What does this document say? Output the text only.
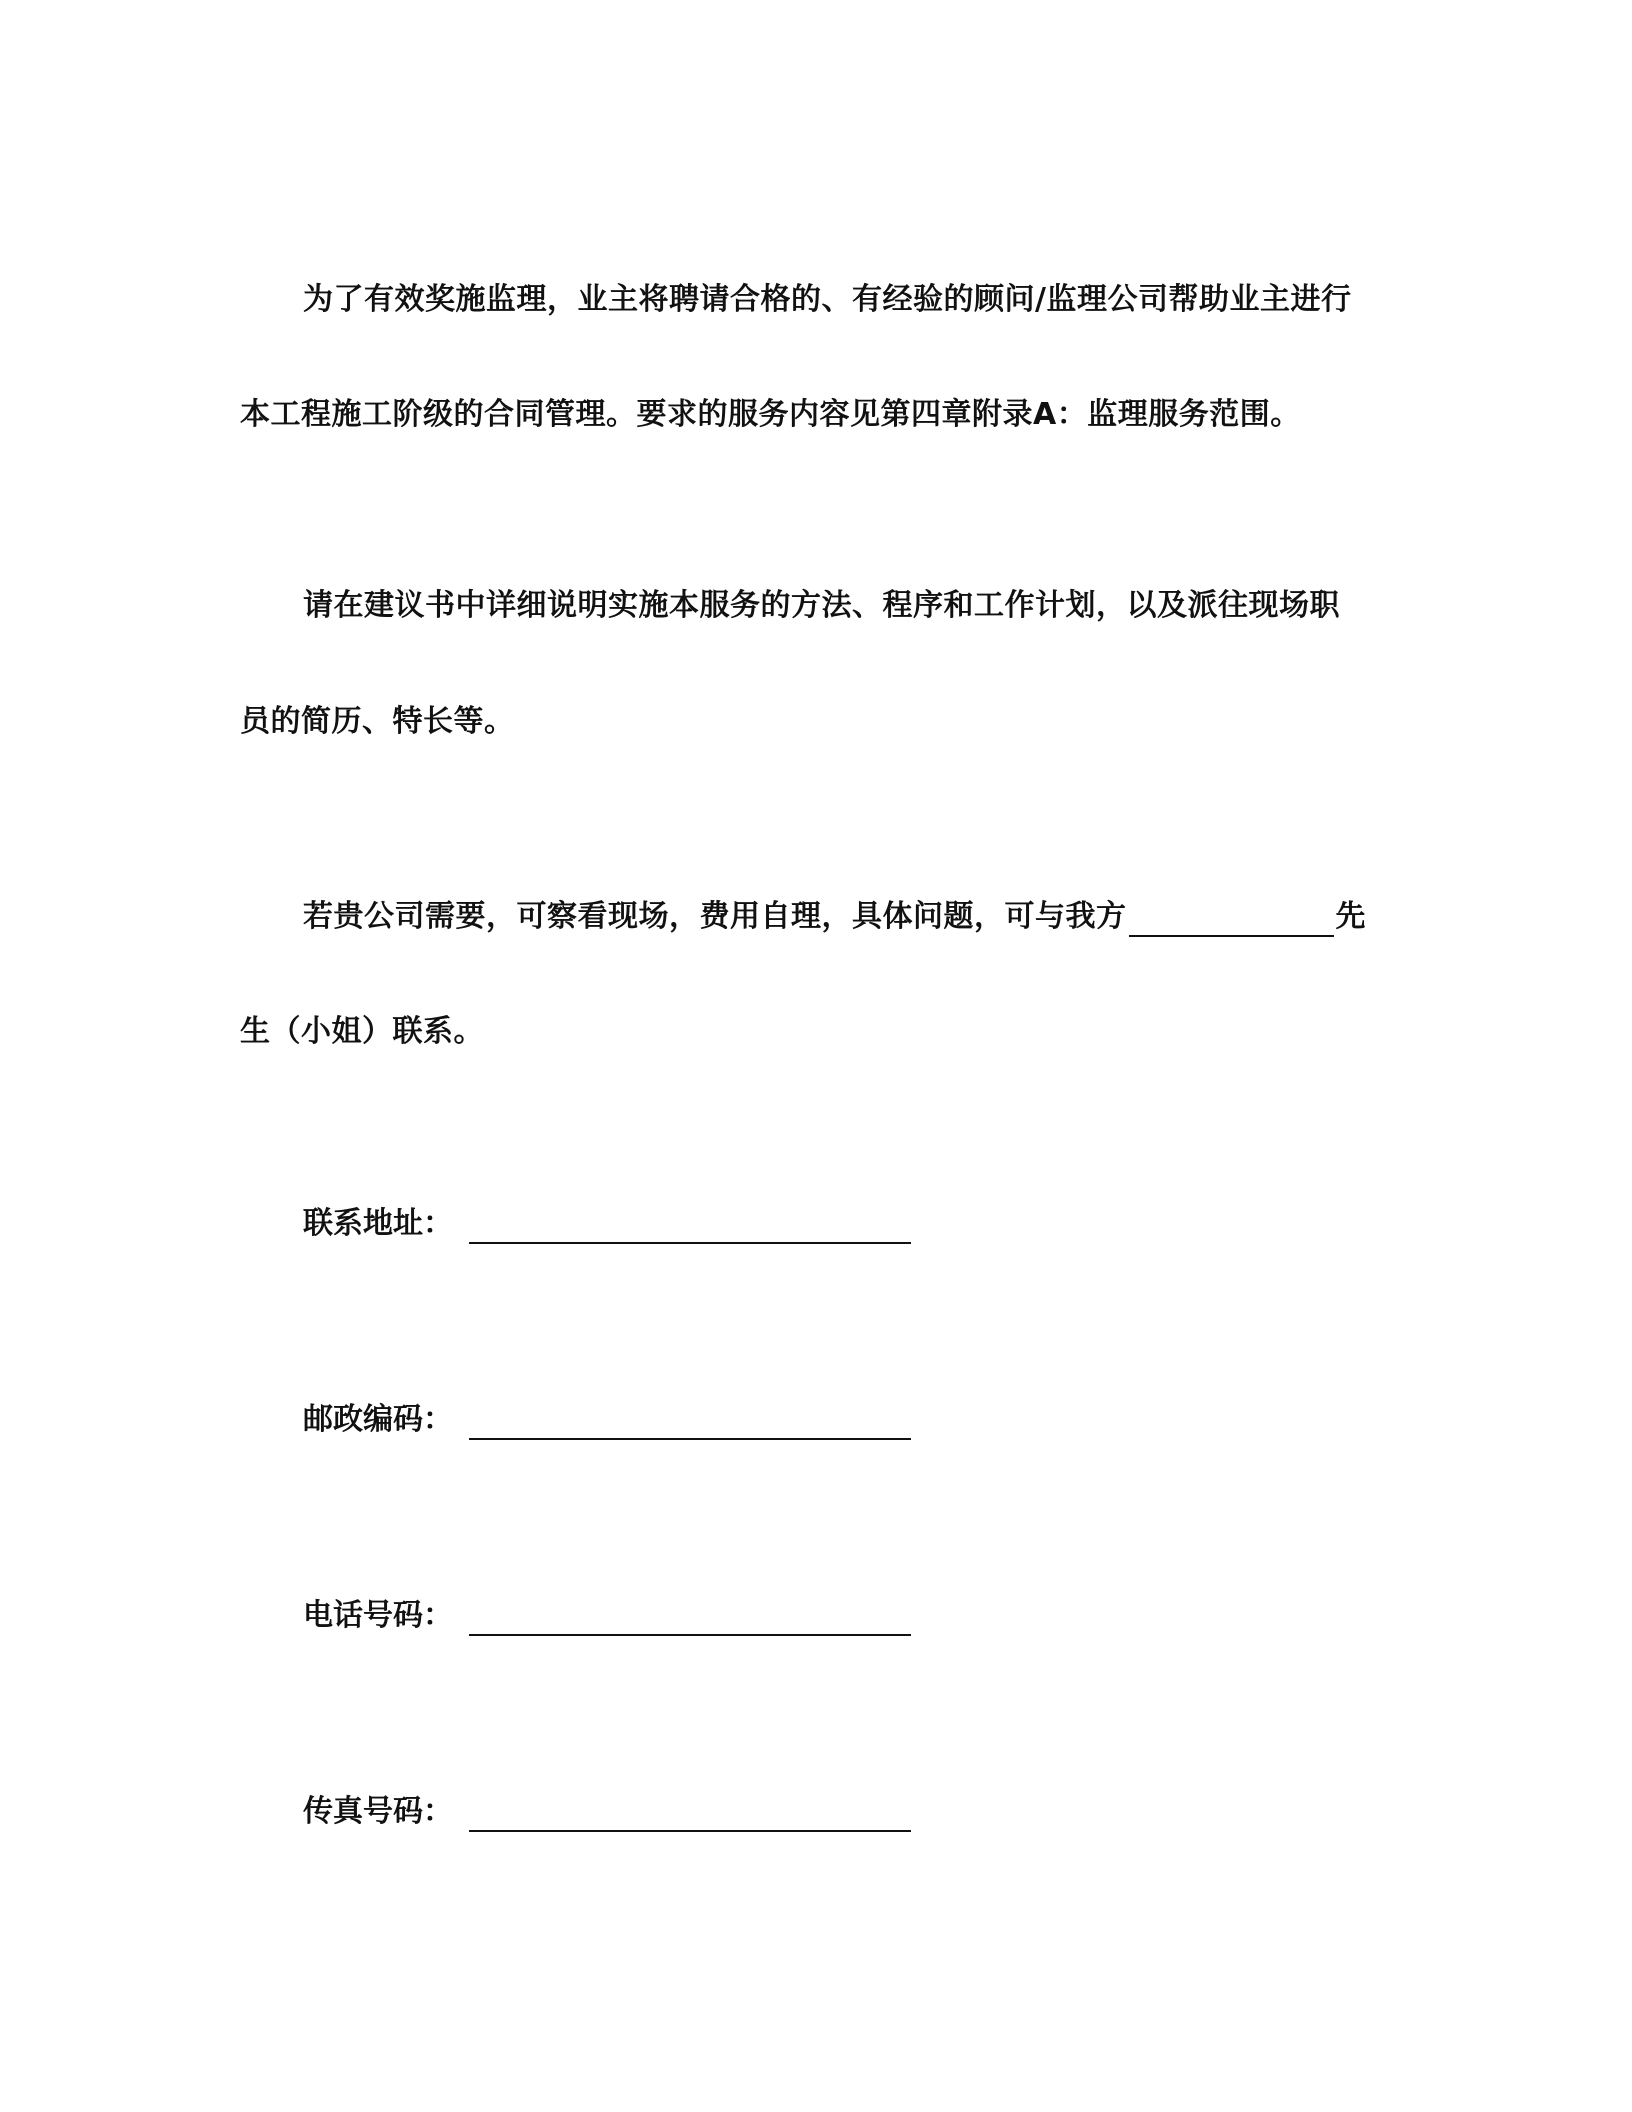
为了有效奖施监理，业主将聘请合格的、有经验的顾问/监理公司帮助业主进行
本工程施工阶级的合同管理。要求的服务内容见第四章附录A：监理服务范围。
请在建议书中详细说明实施本服务的方法、程序和工作计划，以及派往现场职
员的简历、特长等。
若贵公司需要，可察看现场，费用自理，具体问题，可与我方	先
生（小姐）联系。
联系地址：
邮政编码：
电话号码：
传真号码：
